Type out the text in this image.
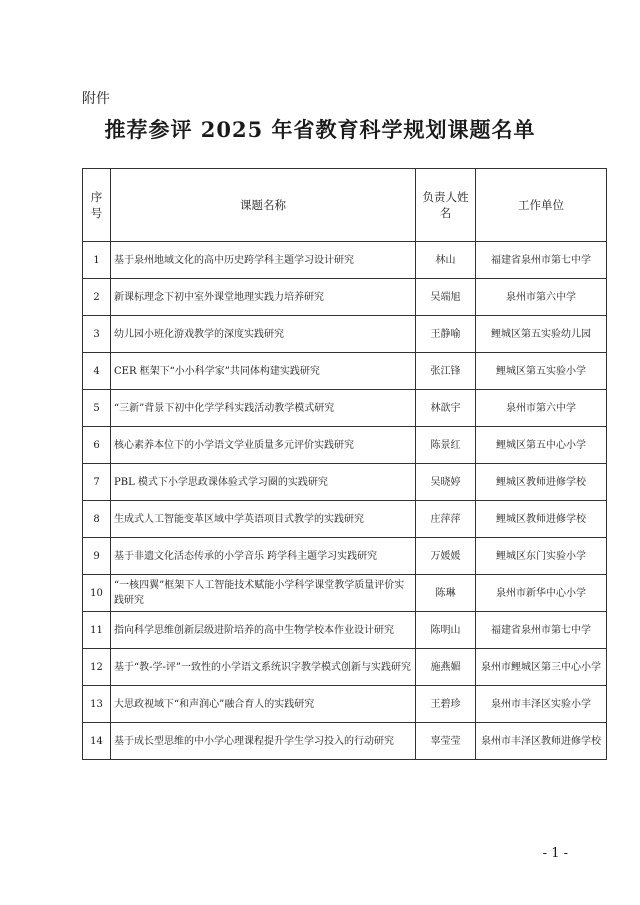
附件
推荐参评 2025 年省教育科学规划课题名单
序号	课题名称	负责人姓名	工作单位
1	基于泉州地域文化的高中历史跨学科主题学习设计研究	林山	福建省泉州市第七中学
2	新课标理念下初中室外课堂地理实践力培养研究	吴端旭	泉州市第六中学
3	幼儿园小班化游戏教学的深度实践研究	王静喻	鲤城区第五实验幼儿园
4	CER 框架下“小小科学家”共同体构建实践研究	张江锋	鲤城区第五实验小学
5	“三新”背景下初中化学学科实践活动教学模式研究	林歆宇	泉州市第六中学
6	核心素养本位下的小学语文学业质量多元评价实践研究	陈景红	鲤城区第五中心小学
7	PBL 模式下小学思政课体验式学习圈的实践研究	吴晓婷	鲤城区教师进修学校
8	生成式人工智能变革区域中学英语项目式教学的实践研究	庄萍萍	鲤城区教师进修学校
9	基于非遗文化活态传承的小学音乐 跨学科主题学习实践研究	万媛媛	鲤城区东门实验小学
10	“一核四翼”框架下人工智能技术赋能小学科学课堂教学质量评价实践研究	陈琳	泉州市新华中心小学
11	指向科学思维创新层级进阶培养的高中生物学校本作业设计研究	陈明山	福建省泉州市第七中学
12	基于“教-学-评”一致性的小学语文系统识字教学模式创新与实践研究	施燕媚	泉州市鲤城区第三中心小学
13	大思政视域下“和声润心”融合育人的实践研究	王碧珍	泉州市丰泽区实验小学
14	基于成长型思维的中小学心理课程提升学生学习投入的行动研究	辜莹莹	泉州市丰泽区教师进修学校
- 1 -
